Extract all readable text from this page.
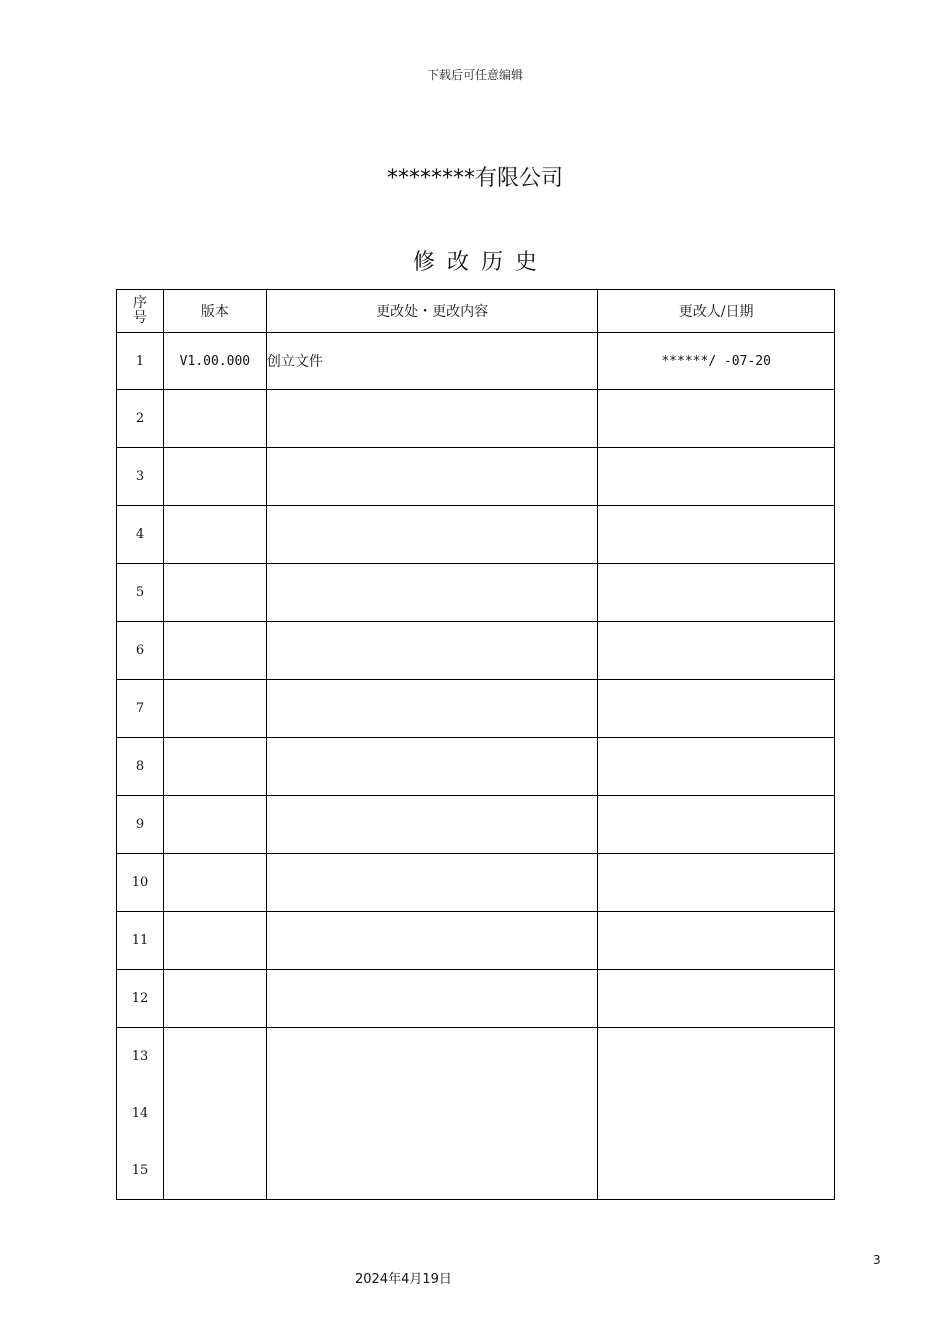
下载后可任意编辑
********有限公司
修改历史
序
号	版本	更改处・更改内容	更改人/日期
1	V1.00.000	创立文件	******/ -07-20
2			
3			
4			
5			
6			
7			
8			
9			
10			
11			
12			

13
14
15			

3
2024年4月19日
